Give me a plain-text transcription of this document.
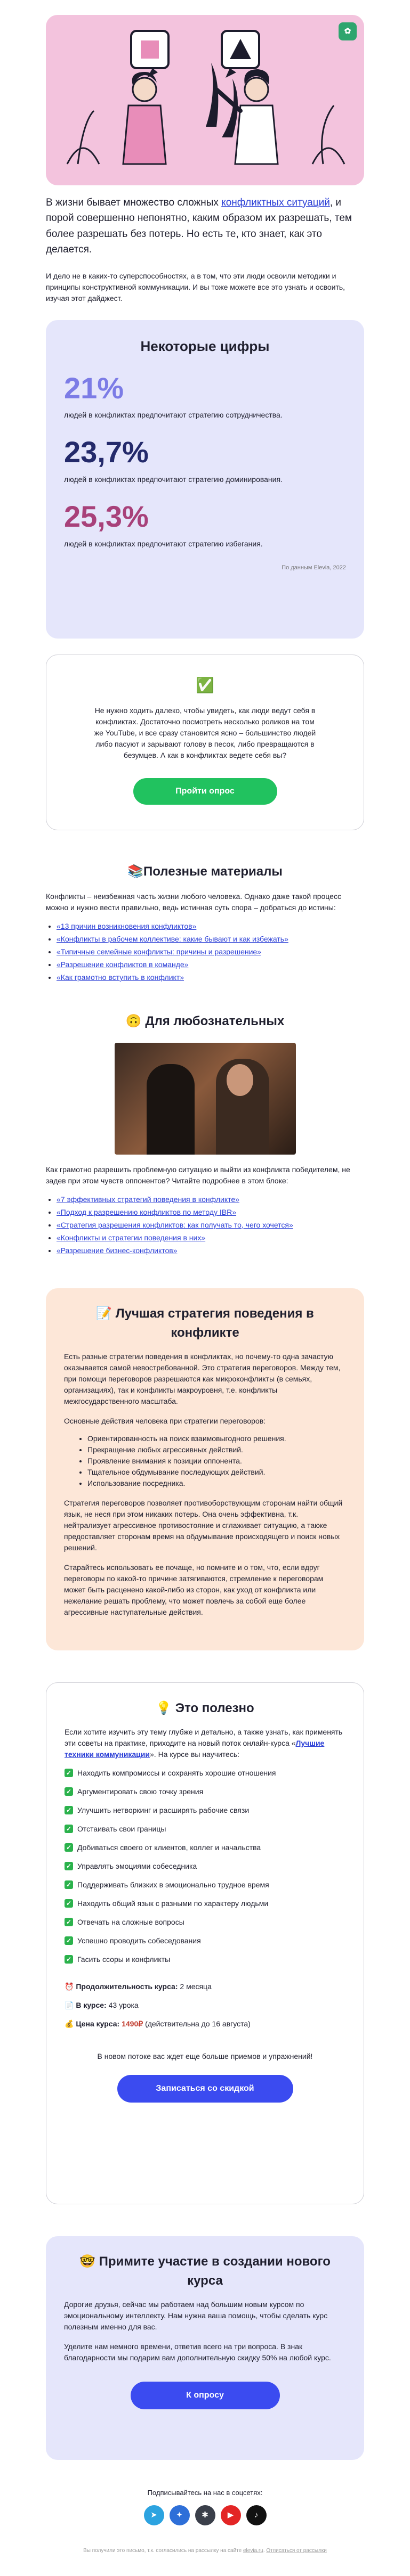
✿

В жизни бывает множество сложных конфликтных ситуаций, и порой совершенно непонятно, каким образом их разрешать, тем более разрешать без потерь. Но есть те, кто знает, как это делается.

И дело не в каких-то суперспособностях, а в том, что эти люди освоили методики и принципы конструктивной коммуникации. И вы тоже можете все это узнать и освоить, изучая этот дайджест.

Некоторые цифры
21%
людей в конфликтах предпочитают стратегию сотрудничества.
23,7%
людей в конфликтах предпочитают стратегию доминирования.
25,3%
людей в конфликтах предпочитают стратегию избегания.
По данным Elevia, 2022
✅

Не нужно ходить далеко, чтобы увидеть, как люди ведут себя в конфликтах. Достаточно посмотреть несколько роликов на том же YouTube, и все сразу становится ясно – большинство людей либо пасуют и зарывают голову в песок, либо превращаются в безумцев. А как в конфликтах ведете себя вы?

Пройти опрос
📚Полезные материалы

Конфликты – неизбежная часть жизни любого человека. Однако даже такой процесс можно и нужно вести правильно, ведь истинная суть спора – добраться до истины:

• «13 причин возникновения конфликтов»
• «Конфликты в рабочем коллективе: какие бывают и как избежать»
• «Типичные семейные конфликты: причины и разрешение»
• «Разрешение конфликтов в команде»
• «Как грамотно вступить в конфликт»
🙃 Для любознательных

Как грамотно разрешить проблемную ситуацию и выйти из конфликта победителем, не задев при этом чувств оппонентов? Читайте подробнее в этом блоке:

• «7 эффективных стратегий поведения в конфликте»
• «Подход к разрешению конфликтов по методу IBR»
• «Стратегия разрешения конфликтов: как получать то, чего хочется»
• «Конфликты и стратегии поведения в них»
• «Разрешение бизнес-конфликтов»
📝 Лучшая стратегия поведения в конфликте

Есть разные стратегии поведения в конфликтах, но почему-то одна зачастую оказывается самой невостребованной. Это стратегия переговоров. Между тем, при помощи переговоров разрешаются как микроконфликты (в семьях, организациях), так и конфликты макроуровня, т.е. конфликты межгосударственного масштаба.

Основные действия человека при стратегии переговоров:

• Ориентированность на поиск взаимовыгодного решения.
• Прекращение любых агрессивных действий.
• Проявление внимания к позиции оппонента.
• Тщательное обдумывание последующих действий.
• Использование посредника.

Стратегия переговоров позволяет противоборствующим сторонам найти общий язык, не неся при этом никаких потерь. Она очень эффективна, т.к. нейтрализует агрессивное противостояние и сглаживает ситуацию, а также предоставляет сторонам время на обдумывание происходящего и поиск новых решений.

Старайтесь использовать ее почаще, но помните и о том, что, если вдруг переговоры по какой-то причине затягиваются, стремление к переговорам может быть расценено какой-либо из сторон, как уход от конфликта или нежелание решать проблему, что может повлечь за собой еще более агрессивные наступательные действия.

💡 Это полезно

Если хотите изучить эту тему глубже и детально, а также узнать, как применять эти советы на практике, приходите на новый поток онлайн-курса «Лучшие техники коммуникации». На курсе вы научитесь:

✓ Находить компромиссы и сохранять хорошие отношения
✓ Аргументировать свою точку зрения
✓ Улучшить нетворкинг и расширять рабочие связи
✓ Отстаивать свои границы
✓ Добиваться своего от клиентов, коллег и начальства
✓ Управлять эмоциями собеседника
✓ Поддерживать близких в эмоционально трудное время
✓ Находить общий язык с разными по характеру людьми
✓ Отвечать на сложные вопросы
✓ Успешно проводить собеседования
✓ Гасить ссоры и конфликты
⏰ Продолжительность курса: 2 месяца
📄 В курсе: 43 урока
💰 Цена курса: 1490₽ (действительна до 16 августа)

В новом потоке вас ждет еще больше приемов и упражнений!

Записаться со скидкой
🤓 Примите участие в создании нового курса

Дорогие друзья, сейчас мы работаем над большим новым курсом по эмоциональному интеллекту. Нам нужна ваша помощь, чтобы сделать курс полезным именно для вас.

Уделите нам немного времени, ответив всего на три вопроса. В знак благодарности мы подарим вам дополнительную скидку 50% на любой курс.

К опросу
Подписывайтесь на нас в соцсетях:
➤	✦	✱	▶	♪
Вы получили это письмо, т.к. согласились на рассылку на сайте elevia.ru. Отписаться от рассылки
